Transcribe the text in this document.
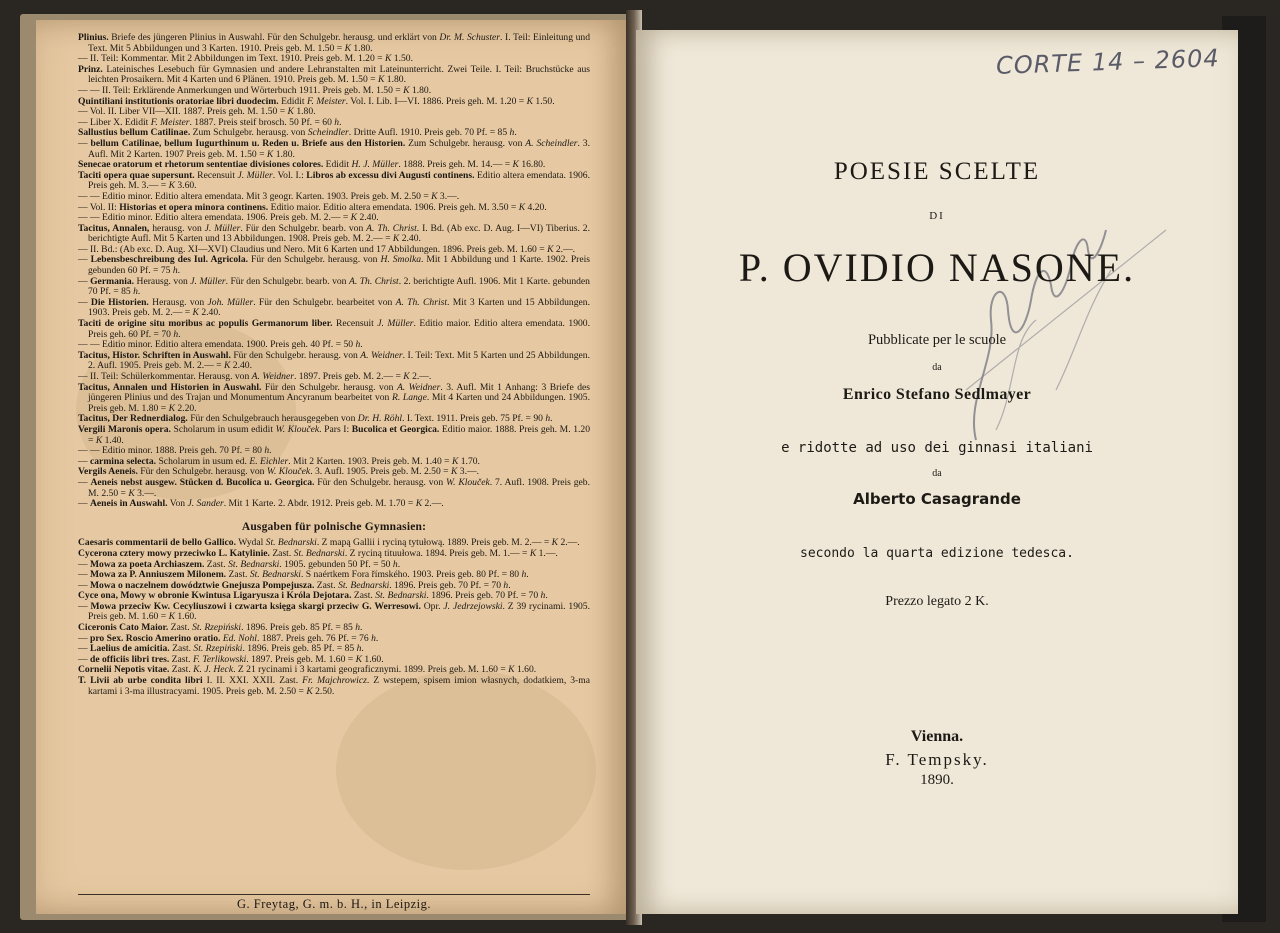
Plinius. Briefe des jüngeren Plinius in Auswahl. Für den Schulgebr. herausg. und erklärt von Dr. M. Schuster. I. Teil: Einleitung und Text. Mit 5 Abbildungen und 3 Karten. 1910. Preis geb. M. 1.50 = K 1.80.

— II. Teil: Kommentar. Mit 2 Abbildungen im Text. 1910. Preis geb. M. 1.20 = K 1.50.

Prinz. Lateinisches Lesebuch für Gymnasien und andere Lehranstalten mit Lateinunterricht. Zwei Teile. I. Teil: Bruchstücke aus leichten Prosaikern. Mit 4 Karten und 6 Plänen. 1910. Preis geb. M. 1.50 = K 1.80.

— — II. Teil: Erklärende Anmerkungen und Wörterbuch 1911. Preis geb. M. 1.50 = K 1.80.

Quintiliani institutionis oratoriae libri duodecim. Edidit F. Meister. Vol. I. Lib. I—VI. 1886. Preis geh. M. 1.20 = K 1.50.

— Vol. II. Liber VII—XII. 1887. Preis geh. M. 1.50 = K 1.80.

— Liber X. Edidit F. Meister. 1887. Preis steif brosch. 50 Pf. = 60 h.

Sallustius bellum Catilinae. Zum Schulgebr. herausg. von Scheindler. Dritte Aufl. 1910. Preis geb. 70 Pf. = 85 h.

— bellum Catilinae, bellum Iugurthinum u. Reden u. Briefe aus den Historien. Zum Schulgebr. herausg. von A. Scheindler. 3. Aufl. Mit 2 Karten. 1907 Preis geb. M. 1.50 = K 1.80.

Senecae oratorum et rhetorum sententiae divisiones colores. Edidit H. J. Müller. 1888. Preis geh. M. 14.— = K 16.80.

Taciti opera quae supersunt. Recensuit J. Müller. Vol. I.: Libros ab excessu divi Augusti continens. Editio altera emendata. 1906. Preis geh. M. 3.— = K 3.60.

— — Editio minor. Editio altera emendata. Mit 3 geogr. Karten. 1903. Preis geb. M. 2.50 = K 3.—.

— Vol. II: Historias et opera minora continens. Editio maior. Editio altera emendata. 1906. Preis geh. M. 3.50 = K 4.20.

— — Editio minor. Editio altera emendata. 1906. Preis geb. M. 2.— = K 2.40.

Tacitus, Annalen, herausg. von J. Müller. Für den Schulgebr. bearb. von A. Th. Christ. I. Bd. (Ab exc. D. Aug. I—VI) Tiberius. 2. berichtigte Aufl. Mit 5 Karten und 13 Abbildungen. 1908. Preis geb. M. 2.— = K 2.40.

— II. Bd.: (Ab exc. D. Aug. XI—XVI) Claudius und Nero. Mit 6 Karten und 17 Abbildungen. 1896. Preis geb. M. 1.60 = K 2.—.

— Lebensbeschreibung des Iul. Agricola. Für den Schulgebr. herausg. von H. Smolka. Mit 1 Abbildung und 1 Karte. 1902. Preis gebunden 60 Pf. = 75 h.

— Germania. Herausg. von J. Müller. Für den Schulgebr. bearb. von A. Th. Christ. 2. berichtigte Aufl. 1906. Mit 1 Karte. gebunden 70 Pf. = 85 h.

— Die Historien. Herausg. von Joh. Müller. Für den Schulgebr. bearbeitet von A. Th. Christ. Mit 3 Karten und 15 Abbildungen. 1903. Preis geb. M. 2.— = K 2.40.

Taciti de origine situ moribus ac populis Germanorum liber. Recensuit J. Müller. Editio maior. Editio altera emendata. 1900. Preis geh. 60 Pf. = 70 h.

— — Editio minor. Editio altera emendata. 1900. Preis geh. 40 Pf. = 50 h.

Tacitus, Histor. Schriften in Auswahl. Für den Schulgebr. herausg. von A. Weidner. I. Teil: Text. Mit 5 Karten und 25 Abbildungen. 2. Aufl. 1905. Preis geb. M. 2.— = K 2.40.

— II. Teil: Schülerkommentar. Herausg. von A. Weidner. 1897. Preis geb. M. 2.— = K 2.—.

Tacitus, Annalen und Historien in Auswahl. Für den Schulgebr. herausg. von A. Weidner. 3. Aufl. Mit 1 Anhang: 3 Briefe des jüngeren Plinius und des Trajan und Monumentum Ancyranum bearbeitet von R. Lange. Mit 4 Karten und 24 Abbildungen. 1905. Preis geb. M. 1.80 = K 2.20.

Tacitus, Der Rednerdialog. Für den Schulgebrauch herausgegeben von Dr. H. Röhl. I. Text. 1911. Preis geb. 75 Pf. = 90 h.

Vergili Maronis opera. Scholarum in usum edidit W. Klouček. Pars I: Bucolica et Georgica. Editio maior. 1888. Preis geh. M. 1.20 = K 1.40.

— — Editio minor. 1888. Preis geh. 70 Pf. = 80 h.

— carmina selecta. Scholarum in usum ed. E. Eichler. Mit 2 Karten. 1903. Preis geb. M. 1.40 = K 1.70.

Vergils Aeneis. Für den Schulgebr. herausg. von W. Klouček. 3. Aufl. 1905. Preis geb. M. 2.50 = K 3.—.

— Aeneis nebst ausgew. Stücken d. Bucolica u. Georgica. Für den Schulgebr. herausg. von W. Klouček. 7. Aufl. 1908. Preis geb. M. 2.50 = K 3.—.

— Aeneis in Auswahl. Von J. Sander. Mit 1 Karte. 2. Abdr. 1912. Preis geb. M. 1.70 = K 2.—.

Ausgaben für polnische Gymnasien:

Caesaris commentarii de bello Gallico. Wydal St. Bednarski. Z mapą Gallii i ryciną tytułową. 1889. Preis geb. M. 2.— = K 2.—.

Cycerona cztery mowy przeciwko L. Katylinie. Zast. St. Bednarski. Z ryciną tituułowa. 1894. Preis geb. M. 1.— = K 1.—.

— Mowa za poeta Archiaszem. Zast. St. Bednarski. 1905. gebunden 50 Pf. = 50 h.

— Mowa za P. Anniuszem Milonem. Zast. St. Bednarski. S naértkem Fora římského. 1903. Preis geb. 80 Pf. = 80 h.

— Mowa o naczelnem dowództwie Gnejusza Pompejusza. Zast. St. Bednarski. 1896. Preis geb. 70 Pf. = 70 h.

Cyce ona, Mowy w obronie Kwintusa Ligaryusza i Króla Dejotara. Zast. St. Bednarski. 1896. Preis geb. 70 Pf. = 70 h.

— Mowa przeciw Kw. Cecyliuszowi i czwarta księga skargi przeciw G. Werresowi. Opr. J. Jedrzejowski. Z 39 rycinami. 1905. Preis geb. M. 1.60 = K 1.60.

Ciceronis Cato Maior. Zast. St. Rzepiński. 1896. Preis geb. 85 Pf. = 85 h.

— pro Sex. Roscio Amerino oratio. Ed. Nohl. 1887. Preis geh. 76 Pf. = 76 h.

— Laelius de amicitia. Zast. St. Rzepiński. 1896. Preis geb. 85 Pf. = 85 h.

— de officiis libri tres. Zast. F. Terlikowski. 1897. Preis geb. M. 1.60 = K 1.60.

Cornelii Nepotis vitae. Zast. K. J. Heck. Z 21 rycinami i 3 kartami geograficznymi. 1899. Preis geb. M. 1.60 = K 1.60.

T. Livii ab urbe condita libri I. II. XXI. XXII. Zast. Fr. Majchrowicz. Z wstepem, spisem imion własnych, dodatkiem, 3-ma kartami i 3-ma illustracyami. 1905. Preis geb. M. 2.50 = K 2.50.

G. Freytag, G. m. b. H., in Leipzig.
CORTE 14 – 2604
POESIE SCELTE
DI
P. OVIDIO NASONE.
Pubblicate per le scuole
da
Enrico Stefano Sedlmayer
e ridotte ad uso dei ginnasi italiani
da
Alberto Casagrande
secondo la quarta edizione tedesca.
Prezzo legato 2 K.
Vienna.
F. Tempsky.
1890.
